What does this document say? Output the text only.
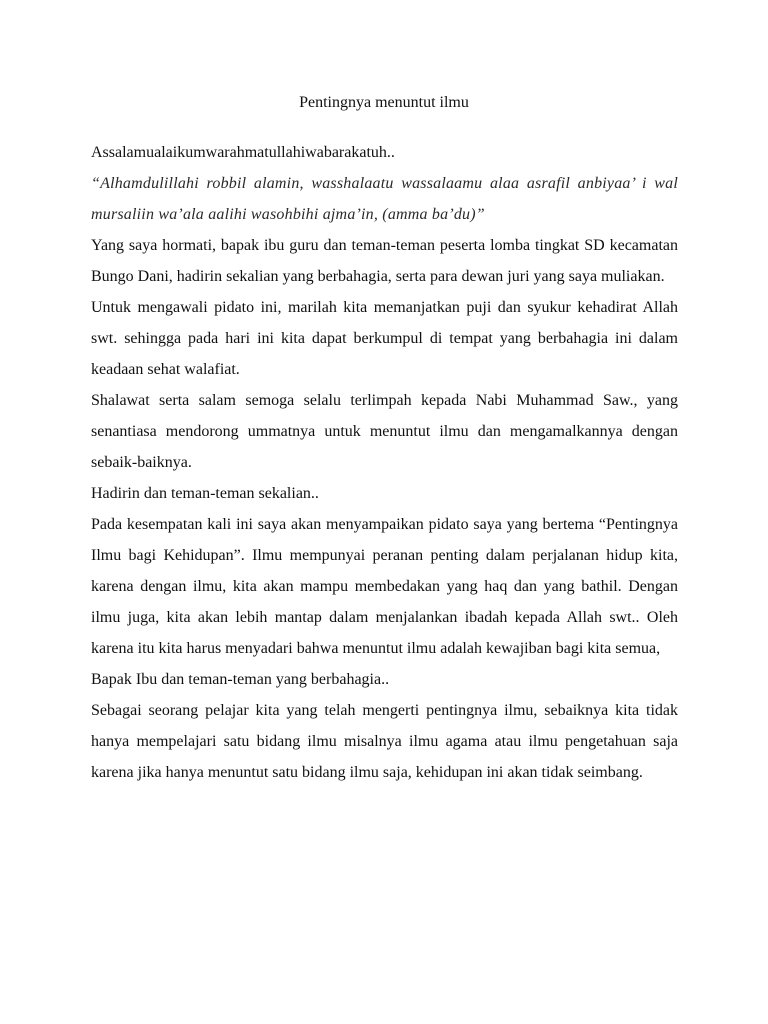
Pentingnya menuntut ilmu

Assalamualaikumwarahmatullahiwabarakatuh..

“Alhamdulillahi robbil alamin, wasshalaatu wassalaamu alaa asrafil anbiyaa’ i wal mursaliin wa’ala aalihi wasohbihi ajma’in, (amma ba’du)”

Yang saya hormati, bapak ibu guru dan teman-teman peserta lomba tingkat SD kecamatan Bungo Dani, hadirin sekalian yang berbahagia, serta para dewan juri yang saya muliakan.

Untuk mengawali pidato ini, marilah kita memanjatkan puji dan syukur kehadirat Allah swt. sehingga pada hari ini kita dapat berkumpul di tempat yang berbahagia ini dalam keadaan sehat walafiat.

Shalawat serta salam semoga selalu terlimpah kepada Nabi Muhammad Saw., yang senantiasa mendorong ummatnya untuk menuntut ilmu dan mengamalkannya dengan sebaik-baiknya.

Hadirin dan teman-teman sekalian..

Pada kesempatan kali ini saya akan menyampaikan pidato saya yang bertema “Pentingnya Ilmu bagi Kehidupan”. Ilmu mempunyai peranan penting dalam perjalanan hidup kita, karena dengan ilmu, kita akan mampu membedakan yang haq dan yang bathil. Dengan ilmu juga, kita akan lebih mantap dalam menjalankan ibadah kepada Allah swt.. Oleh karena itu kita harus menyadari bahwa menuntut ilmu adalah kewajiban bagi kita semua,

Bapak Ibu dan teman-teman yang berbahagia..

Sebagai seorang pelajar kita yang telah mengerti pentingnya ilmu, sebaiknya kita tidak hanya mempelajari satu bidang ilmu misalnya ilmu agama atau ilmu pengetahuan saja karena jika hanya menuntut satu bidang ilmu saja, kehidupan ini akan tidak seimbang.
